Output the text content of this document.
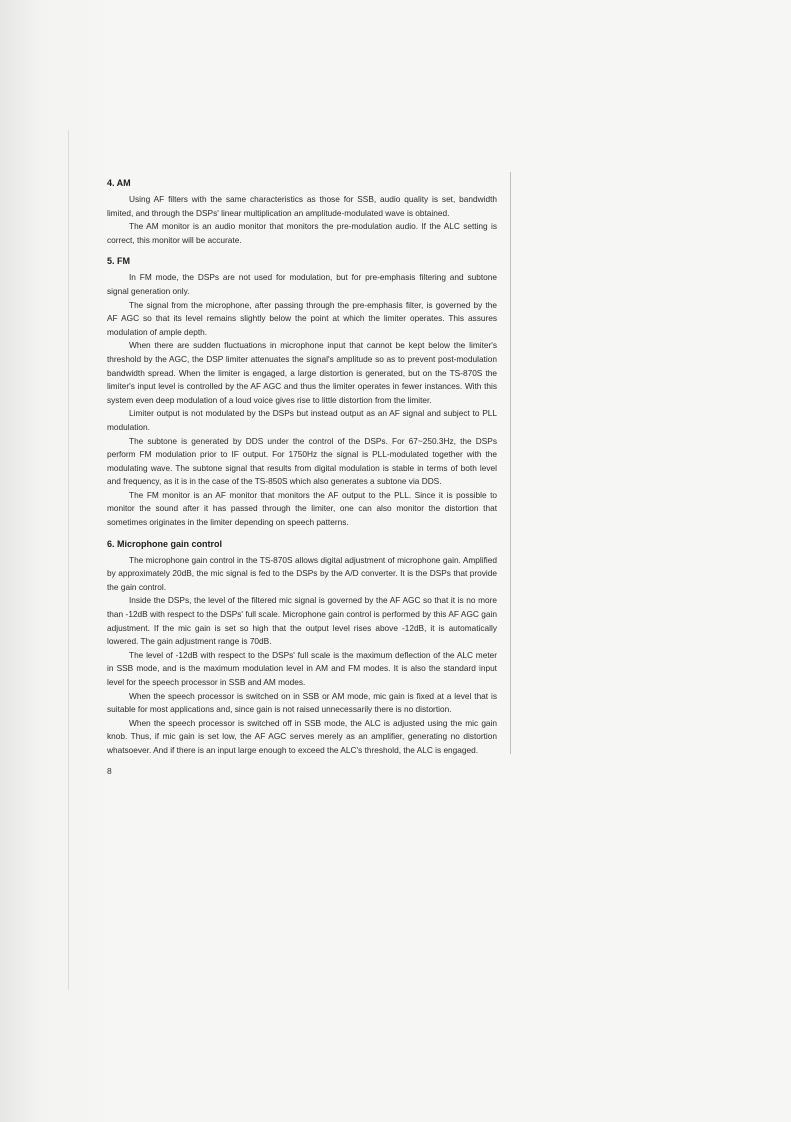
4. AM

Using AF filters with the same characteristics as those for SSB, audio quality is set, bandwidth limited, and through the DSPs' linear multiplication an amplitude-modulated wave is obtained.

The AM monitor is an audio monitor that monitors the pre-modulation audio. If the ALC setting is correct, this monitor will be accurate.

5. FM

In FM mode, the DSPs are not used for modulation, but for pre-emphasis filtering and subtone signal generation only.

The signal from the microphone, after passing through the pre-emphasis filter, is governed by the AF AGC so that its level remains slightly below the point at which the limiter operates. This assures modulation of ample depth.

When there are sudden fluctuations in microphone input that cannot be kept below the limiter's threshold by the AGC, the DSP limiter attenuates the signal's amplitude so as to prevent post-modulation bandwidth spread. When the limiter is engaged, a large distortion is generated, but on the TS-870S the limiter's input level is controlled by the AF AGC and thus the limiter operates in fewer instances. With this system even deep modulation of a loud voice gives rise to little distortion from the limiter.

Limiter output is not modulated by the DSPs but instead output as an AF signal and subject to PLL modulation.

The subtone is generated by DDS under the control of the DSPs. For 67~250.3Hz, the DSPs perform FM modulation prior to IF output. For 1750Hz the signal is PLL-modulated together with the modulating wave. The subtone signal that results from digital modulation is stable in terms of both level and frequency, as it is in the case of the TS-850S which also generates a subtone via DDS.

The FM monitor is an AF monitor that monitors the AF output to the PLL. Since it is possible to monitor the sound after it has passed through the limiter, one can also monitor the distortion that sometimes originates in the limiter depending on speech patterns.

6. Microphone gain control

The microphone gain control in the TS-870S allows digital adjustment of microphone gain. Amplified by approximately 20dB, the mic signal is fed to the DSPs by the A/D converter. It is the DSPs that provide the gain control.

Inside the DSPs, the level of the filtered mic signal is governed by the AF AGC so that it is no more than -12dB with respect to the DSPs' full scale. Microphone gain control is performed by this AF AGC gain adjustment. If the mic gain is set so high that the output level rises above -12dB, it is automatically lowered. The gain adjustment range is 70dB.

The level of -12dB with respect to the DSPs' full scale is the maximum deflection of the ALC meter in SSB mode, and is the maximum modulation level in AM and FM modes. It is also the standard input level for the speech processor in SSB and AM modes.

When the speech processor is switched on in SSB or AM mode, mic gain is fixed at a level that is suitable for most applications and, since gain is not raised unnecessarily there is no distortion.

When the speech processor is switched off in SSB mode, the ALC is adjusted using the mic gain knob. Thus, if mic gain is set low, the AF AGC serves merely as an amplifier, generating no distortion whatsoever. And if there is an input large enough to exceed the ALC's threshold, the ALC is engaged.

8
